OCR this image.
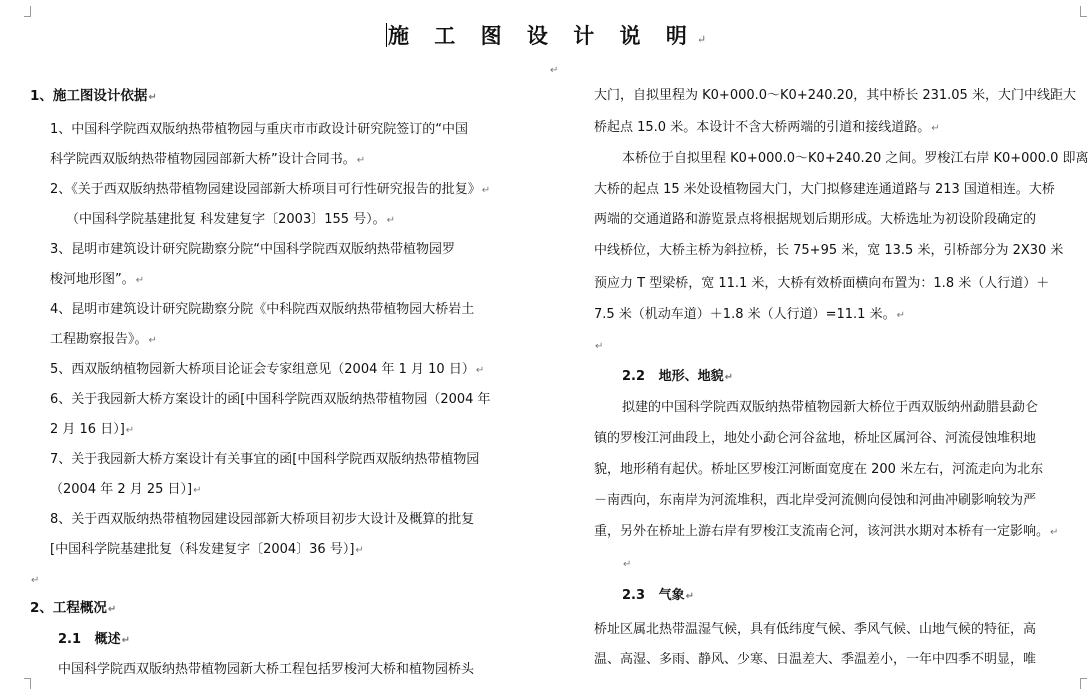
施 工 图 设 计 说 明↵
↵
1、施工图设计依据↵
1、中国科学院西双版纳热带植物园与重庆市市政设计研究院签订的“中国
科学院西双版纳热带植物园园部新大桥”设计合同书。↵
2、《关于西双版纳热带植物园建设园部新大桥项目可行性研究报告的批复》↵
（中国科学院基建批复 科发建复字〔2003〕155 号）。↵
3、昆明市建筑设计研究院勘察分院“中国科学院西双版纳热带植物园罗
梭河地形图”。↵
4、昆明市建筑设计研究院勘察分院《中科院西双版纳热带植物园大桥岩土
工程勘察报告》。↵
5、西双版纳植物园新大桥项目论证会专家组意见（2004 年 1 月 10 日）↵
6、关于我园新大桥方案设计的函[中国科学院西双版纳热带植物园（2004 年
2 月 16 日）]↵
7、关于我园新大桥方案设计有关事宜的函[中国科学院西双版纳热带植物园
（2004 年 2 月 25 日）]↵
8、关于西双版纳热带植物园建设园部新大桥项目初步大设计及概算的批复
[中国科学院基建批复（科发建复字〔2004〕36 号）]↵
↵
2、工程概况↵
2.1   概述↵
中国科学院西双版纳热带植物园新大桥工程包括罗梭河大桥和植物园桥头
大门，自拟里程为 K0+000.0～K0+240.20，其中桥长 231.05 米，大门中线距大
桥起点 15.0 米。本设计不含大桥两端的引道和接线道路。↵
本桥位于自拟里程 K0+000.0～K0+240.20 之间。罗梭江右岸 K0+000.0 即离
大桥的起点 15 米处设植物园大门，大门拟修建连通道路与 213 国道相连。大桥
两端的交通道路和游览景点将根据规划后期形成。大桥选址为初设阶段确定的
中线桥位，大桥主桥为斜拉桥，长 75+95 米，宽 13.5 米，引桥部分为 2X30 米
预应力 T 型梁桥，宽 11.1 米，大桥有效桥面横向布置为：1.8 米（人行道）＋
7.5 米（机动车道）＋1.8 米（人行道）=11.1 米。↵
↵
2.2   地形、地貌↵
拟建的中国科学院西双版纳热带植物园新大桥位于西双版纳州勐腊县勐仑
镇的罗梭江河曲段上，地处小勐仑河谷盆地，桥址区属河谷、河流侵蚀堆积地
貌，地形稍有起伏。桥址区罗梭江河断面宽度在 200 米左右，河流走向为北东
－南西向，东南岸为河流堆积，西北岸受河流侧向侵蚀和河曲冲刷影响较为严
重，另外在桥址上游右岸有罗梭江支流南仑河，该河洪水期对本桥有一定影响。↵
↵
2.3   气象↵
桥址区属北热带温湿气候，具有低纬度气候、季风气候、山地气候的特征，高
温、高湿、多雨、静风、少寒、日温差大、季温差小，一年中四季不明显，唯
